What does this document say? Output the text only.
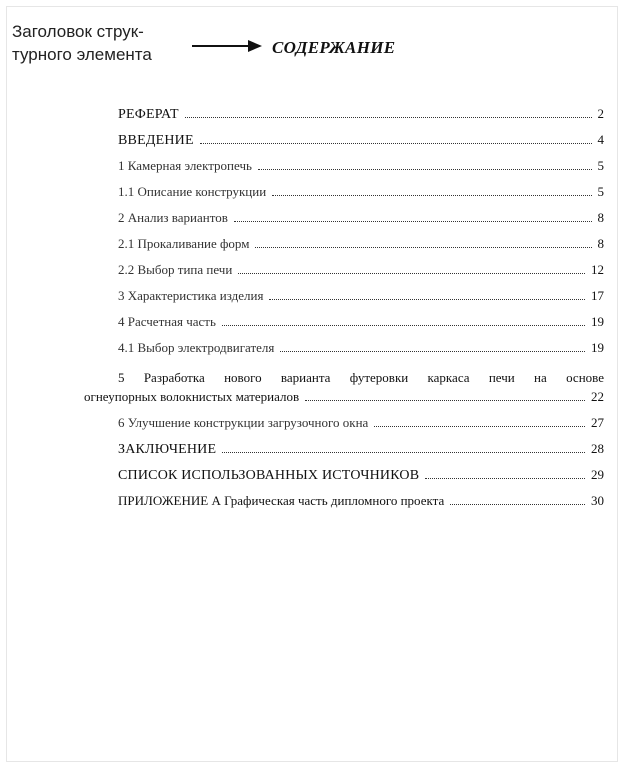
Заголовок струк-
турного элемента	СОДЕРЖАНИЕ
РЕФЕРАТ	2
ВВЕДЕНИЕ	4
1 Камерная электропечь	5
1.1 Описание конструкции	5
2 Анализ вариантов	8
2.1 Прокаливание форм	8
2.2 Выбор типа печи	12
3 Характеристика изделия	17
4 Расчетная часть	19
4.1 Выбор электродвигателя	19
5 Разработка нового варианта футеровки каркаса печи на основе
огнеупорных волокнистых материалов	22
6 Улучшение конструкции загрузочного окна	27
ЗАКЛЮЧЕНИЕ	28
СПИСОК ИСПОЛЬЗОВАННЫХ ИСТОЧНИКОВ	29
ПРИЛОЖЕНИЕ А Графическая часть дипломного проекта	30
